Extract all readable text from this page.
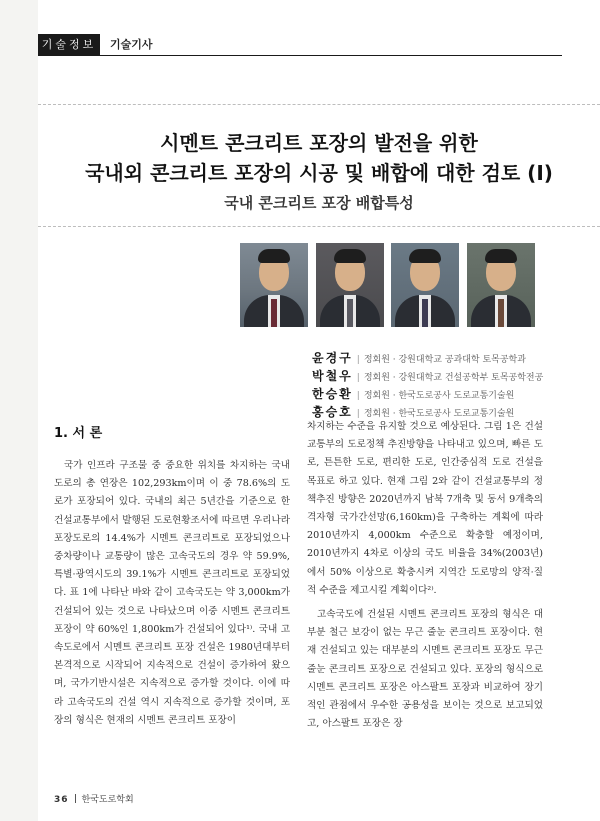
기술정보	기술기사
시멘트 콘크리트 포장의 발전을 위한
국내외 콘크리트 포장의 시공 및 배합에 대한 검토 (I)
국내 콘크리트 포장 배합특성
윤경구 | 정회원 · 강원대학교 공과대학 토목공학과
박철우 | 정회원 · 강원대학교 건설공학부 토목공학전공
한승환 | 정회원 · 한국도로공사 도로교통기술원
홍승호 | 정회원 · 한국도로공사 도로교통기술원
1. 서 론

국가 인프라 구조물 중 중요한 위치를 차지하는 국내 도로의 총 연장은 102,293km이며 이 중 78.6%의 도로가 포장되어 있다. 국내의 최근 5년간을 기준으로 한 건설교통부에서 발행된 도로현황조서에 따르면 우리나라 포장도로의 14.4%가 시멘트 콘크리트로 포장되었으나 중차량이나 교통량이 많은 고속국도의 경우 약 59.9%, 특별·광역시도의 39.1%가 시멘트 콘크리트로 포장되었다. 표 1에 나타난 바와 같이 고속국도는 약 3,000km가 건설되어 있는 것으로 나타났으며 이중 시멘트 콘크리트 포장이 약 60%인 1,800km가 건설되어 있다¹⁾. 국내 고속도로에서 시멘트 콘크리트 포장 건설은 1980년대부터 본격적으로 시작되어 지속적으로 건설이 증가하여 왔으며, 국가기반시설은 지속적으로 증가할 것이다. 이에 따라 고속국도의 건설 역시 지속적으로 증가할 것이며, 포장의 형식은 현재의 시멘트 콘크리트 포장이

차지하는 수준을 유지할 것으로 예상된다. 그림 1은 건설교통부의 도로정책 추진방향을 나타내고 있으며, 빠른 도로, 튼튼한 도로, 편리한 도로, 인간중심적 도로 건설을 목표로 하고 있다. 현재 그림 2와 같이 건설교통부의 정책추진 방향은 2020년까지 남북 7개축 및 동서 9개축의 격자형 국가간선망(6,160km)을 구축하는 계획에 따라 2010년까지 4,000km 수준으로 확충할 예정이며, 2010년까지 4차로 이상의 국도 비율을 34%(2003년)에서 50% 이상으로 확충시켜 지역간 도로망의 양적·질적 수준을 제고시킬 계획이다²⁾.

고속국도에 건설된 시멘트 콘크리트 포장의 형식은 대부분 철근 보강이 없는 무근 줄눈 콘크리트 포장이다. 현재 건설되고 있는 대부분의 시멘트 콘크리트 포장도 무근 줄눈 콘크리트 포장으로 건설되고 있다. 포장의 형식으로 시멘트 콘크리트 포장은 아스팔트 포장과 비교하여 장기적인 관점에서 우수한 공용성을 보이는 것으로 보고되었고, 아스팔트 포장은 장

36 한국도로학회
